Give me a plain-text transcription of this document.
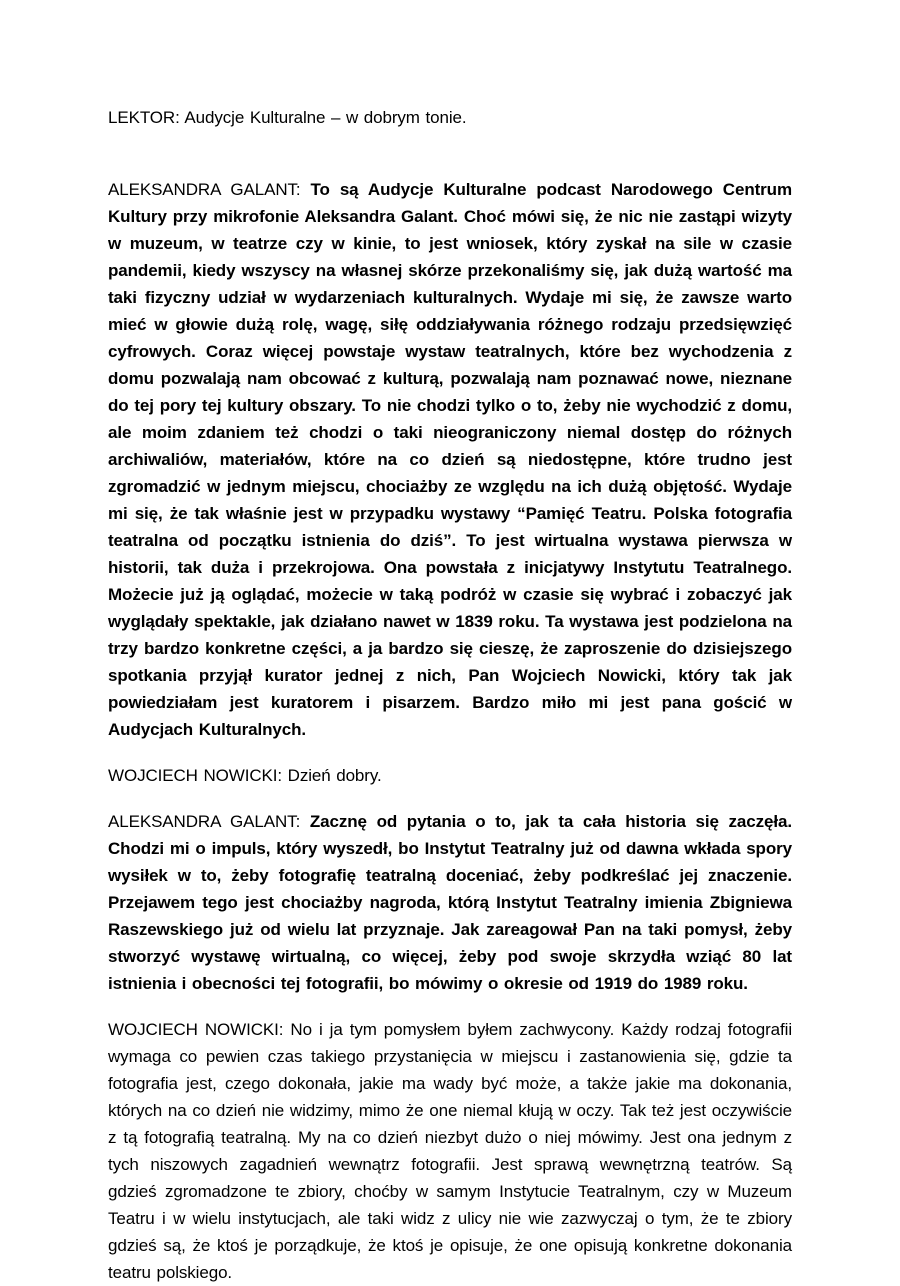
LEKTOR: Audycje Kulturalne – w dobrym tonie.

ALEKSANDRA GALANT: To są Audycje Kulturalne podcast Narodowego Centrum Kultury przy mikrofonie Aleksandra Galant. Choć mówi się, że nic nie zastąpi wizyty w muzeum, w teatrze czy w kinie, to jest wniosek, który zyskał na sile w czasie pandemii, kiedy wszyscy na własnej skórze przekonaliśmy się, jak dużą wartość ma taki fizyczny udział w wydarzeniach kulturalnych. Wydaje mi się, że zawsze warto mieć w głowie dużą rolę, wagę, siłę oddziaływania różnego rodzaju przedsięwzięć cyfrowych. Coraz więcej powstaje wystaw teatralnych, które bez wychodzenia z domu pozwalają nam obcować z kulturą, pozwalają nam poznawać nowe, nieznane do tej pory tej kultury obszary. To nie chodzi tylko o to, żeby nie wychodzić z domu, ale moim zdaniem też chodzi o taki nieograniczony niemal dostęp do różnych archiwaliów, materiałów, które na co dzień są niedostępne, które trudno jest zgromadzić w jednym miejscu, chociażby ze względu na ich dużą objętość. Wydaje mi się, że tak właśnie jest w przypadku wystawy “Pamięć Teatru. Polska fotografia teatralna od początku istnienia do dziś”. To jest wirtualna wystawa pierwsza w historii, tak duża i przekrojowa. Ona powstała z inicjatywy Instytutu Teatralnego. Możecie już ją oglądać, możecie w taką podróż w czasie się wybrać i zobaczyć jak wyglądały spektakle, jak działano nawet w 1839 roku. Ta wystawa jest podzielona na trzy bardzo konkretne części, a ja bardzo się cieszę, że zaproszenie do dzisiejszego spotkania przyjął kurator jednej z nich, Pan Wojciech Nowicki, który tak jak powiedziałam jest kuratorem i pisarzem. Bardzo miło mi jest pana gościć w Audycjach Kulturalnych.

WOJCIECH NOWICKI: Dzień dobry.

ALEKSANDRA GALANT: Zacznę od pytania o to, jak ta cała historia się zaczęła. Chodzi mi o impuls, który wyszedł, bo Instytut Teatralny już od dawna wkłada spory wysiłek w to, żeby fotografię teatralną doceniać, żeby podkreślać jej znaczenie. Przejawem tego jest chociażby nagroda, którą Instytut Teatralny imienia Zbigniewa Raszewskiego już od wielu lat przyznaje. Jak zareagował Pan na taki pomysł, żeby stworzyć wystawę wirtualną, co więcej, żeby pod swoje skrzydła wziąć 80 lat istnienia i obecności tej fotografii, bo mówimy o okresie od 1919 do 1989 roku.

WOJCIECH NOWICKI: No i ja tym pomysłem byłem zachwycony. Każdy rodzaj fotografii wymaga co pewien czas takiego przystanięcia w miejscu i zastanowienia się, gdzie ta fotografia jest, czego dokonała, jakie ma wady być może, a także jakie ma dokonania, których na co dzień nie widzimy, mimo że one niemal kłują w oczy. Tak też jest oczywiście z tą fotografią teatralną. My na co dzień niezbyt dużo o niej mówimy. Jest ona jednym z tych niszowych zagadnień wewnątrz fotografii. Jest sprawą wewnętrzną teatrów. Są gdzieś zgromadzone te zbiory, choćby w samym Instytucie Teatralnym, czy w Muzeum Teatru i w wielu instytucjach, ale taki widz z ulicy nie wie zazwyczaj o tym, że te zbiory gdzieś są, że ktoś je porządkuje, że ktoś je opisuje, że one opisują konkretne dokonania teatru polskiego.
